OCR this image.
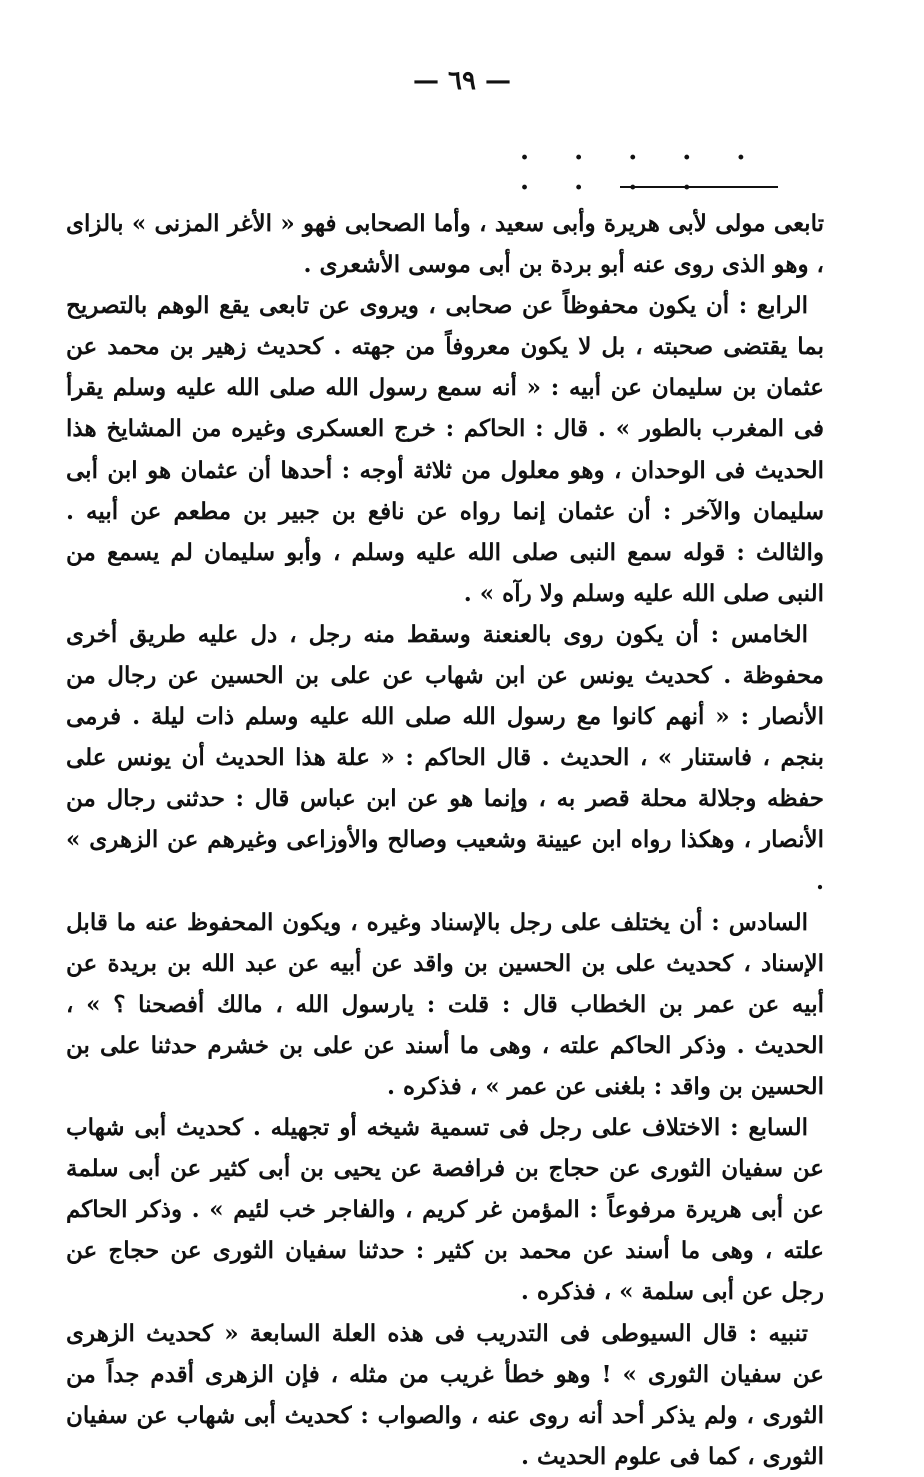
— ٦٩ —
. . . . . . . . .

تابعی مولى لأبی هريرة وأبی سعيد ، وأما الصحابی فهو « الأغر المزنی » بالزای ، وهو الذی روى عنه أبو بردة بن أبی موسى الأشعری .

الرابع : أن يكون محفوظاً عن صحابی ، ويروى عن تابعی يقع الوهم بالتصريح بما يقتضی صحبته ، بل لا يكون معروفاً من جهته . كحديث زهير بن محمد عن عثمان بن سليمان عن أبيه : « أنه سمع رسول الله صلى الله عليه وسلم يقرأ فی المغرب بالطور » . قال : الحاكم : خرج العسكری وغيره من المشايخ هذا الحديث فی الوحدان ، وهو معلول من ثلاثة أوجه : أحدها أن عثمان هو ابن أبی سليمان والآخر : أن عثمان إنما رواه عن نافع بن جبير بن مطعم عن أبيه . والثالث : قوله سمع النبی صلى الله عليه وسلم ، وأبو سليمان لم يسمع من النبی صلى الله عليه وسلم ولا رآه » .

الخامس : أن يكون روى بالعنعنة وسقط منه رجل ، دل عليه طريق أخرى محفوظة . كحديث يونس عن ابن شهاب عن علی بن الحسين عن رجال من الأنصار : « أنهم كانوا مع رسول الله صلى الله عليه وسلم ذات ليلة . فرمى بنجم ، فاستنار » ، الحديث . قال الحاكم : « علة هذا الحديث أن يونس على حفظه وجلالة محلة قصر به ، وإنما هو عن ابن عباس قال : حدثنی رجال من الأنصار ، وهكذا رواه ابن عيينة وشعيب وصالح والأوزاعی وغيرهم عن الزهری » .

السادس : أن يختلف على رجل بالإسناد وغيره ، ويكون المحفوظ عنه ما قابل الإسناد ، كحديث علی بن الحسين بن واقد عن أبيه عن عبد الله بن بريدة عن أبيه عن عمر بن الخطاب قال : قلت : يارسول الله ، مالك أفصحنا ؟ » ، الحديث . وذكر الحاكم علته ، وهی ما أسند عن علی بن خشرم حدثنا علی بن الحسين بن واقد : بلغنی عن عمر » ، فذكره .

السابع : الاختلاف على رجل فی تسمية شيخه أو تجهيله . كحديث أبی شهاب عن سفيان الثوری عن حجاج بن فرافصة عن يحيى بن أبی كثير عن أبی سلمة عن أبی هريرة مرفوعاً : المؤمن غر كريم ، والفاجر خب لئيم » . وذكر الحاكم علته ، وهی ما أسند عن محمد بن كثير : حدثنا سفيان الثوری عن حجاج عن رجل عن أبی سلمة » ، فذكره .

تنبيه : قال السيوطی فی التدريب فی هذه العلة السابعة « كحديث الزهری عن سفيان الثوری » ! وهو خطأ غريب من مثله ، فإن الزهری أقدم جداً من الثوری ، ولم يذكر أحد أنه روى عنه ، والصواب : كحديث أبی شهاب عن سفيان الثوری ، كما فی علوم الحديث .
